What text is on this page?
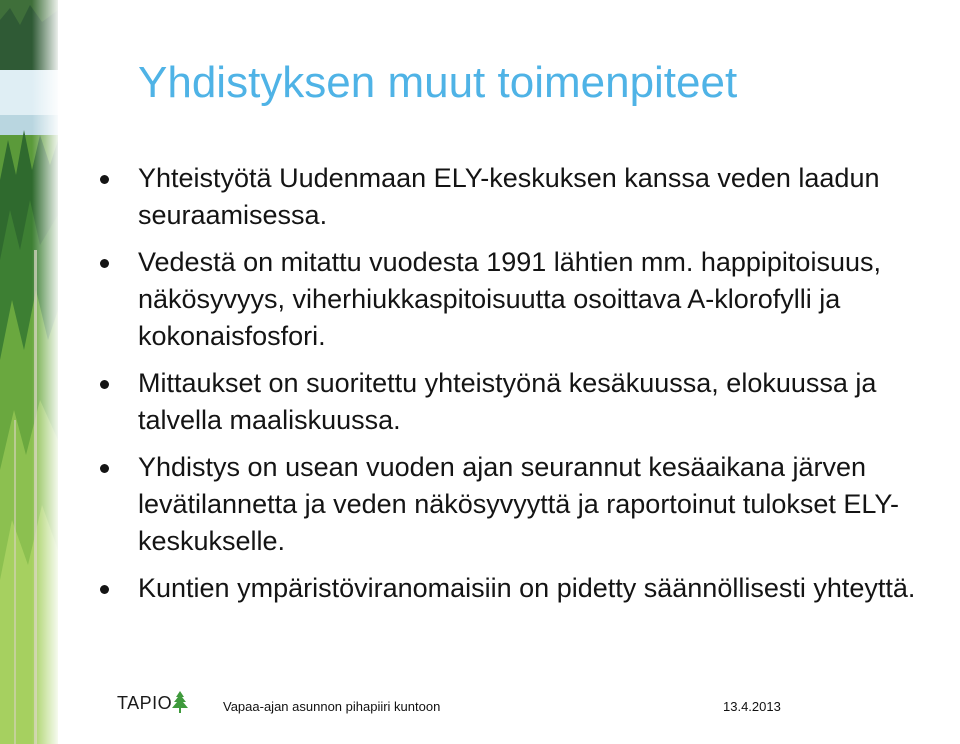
Yhdistyksen muut toimenpiteet
Yhteistyötä Uudenmaan ELY-keskuksen kanssa veden laadun seuraamisessa.
Vedestä on mitattu vuodesta 1991 lähtien mm. happipitoisuus, näkösyvyys, viherhiukkaspitoisuutta osoittava A-klorofylli ja kokonaisfosfori.
Mittaukset on suoritettu yhteistyönä kesäkuussa, elokuussa ja talvella maaliskuussa.
Yhdistys on usean vuoden ajan seurannut kesäaikana järven levätilannetta ja veden näkösyvyyttä ja raportoinut tulokset ELY-keskukselle.
Kuntien ympäristöviranomaisiin on pidetty säännöllisesti yhteyttä.
TAPIO	Vapaa-ajan asunnon pihapiiri kuntoon	13.4.2013
